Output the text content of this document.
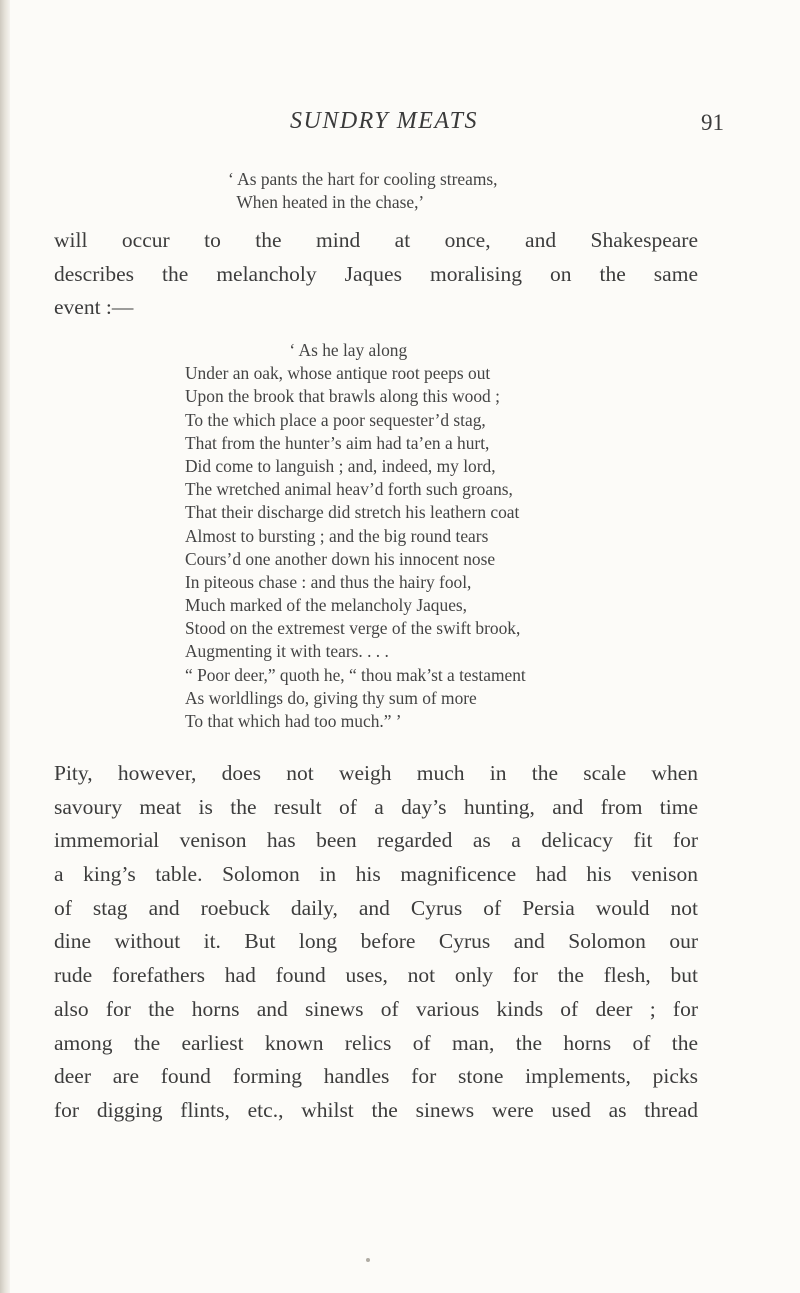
SUNDRY MEATS	91
‘ As pants the hart for cooling streams,
When heated in the chase,’
will occur to the mind at once, and Shakespeare
describes the melancholy Jaques moralising on the same
event :—
‘ As he lay along
Under an oak, whose antique root peeps out
Upon the brook that brawls along this wood ;
To the which place a poor sequester’d stag,
That from the hunter’s aim had ta’en a hurt,
Did come to languish ; and, indeed, my lord,
The wretched animal heav’d forth such groans,
That their discharge did stretch his leathern coat
Almost to bursting ; and the big round tears
Cours’d one another down his innocent nose
In piteous chase : and thus the hairy fool,
Much marked of the melancholy Jaques,
Stood on the extremest verge of the swift brook,
Augmenting it with tears. . . .
“ Poor deer,” quoth he, “ thou mak’st a testament
As worldlings do, giving thy sum of more
To that which had too much.” ’
Pity, however, does not weigh much in the scale when
savoury meat is the result of a day’s hunting, and from time
immemorial venison has been regarded as a delicacy fit for
a king’s table. Solomon in his magnificence had his venison
of stag and roebuck daily, and Cyrus of Persia would not
dine without it. But long before Cyrus and Solomon our
rude forefathers had found uses, not only for the flesh, but
also for the horns and sinews of various kinds of deer ; for
among the earliest known relics of man, the horns of the
deer are found forming handles for stone implements, picks
for digging flints, etc., whilst the sinews were used as thread
